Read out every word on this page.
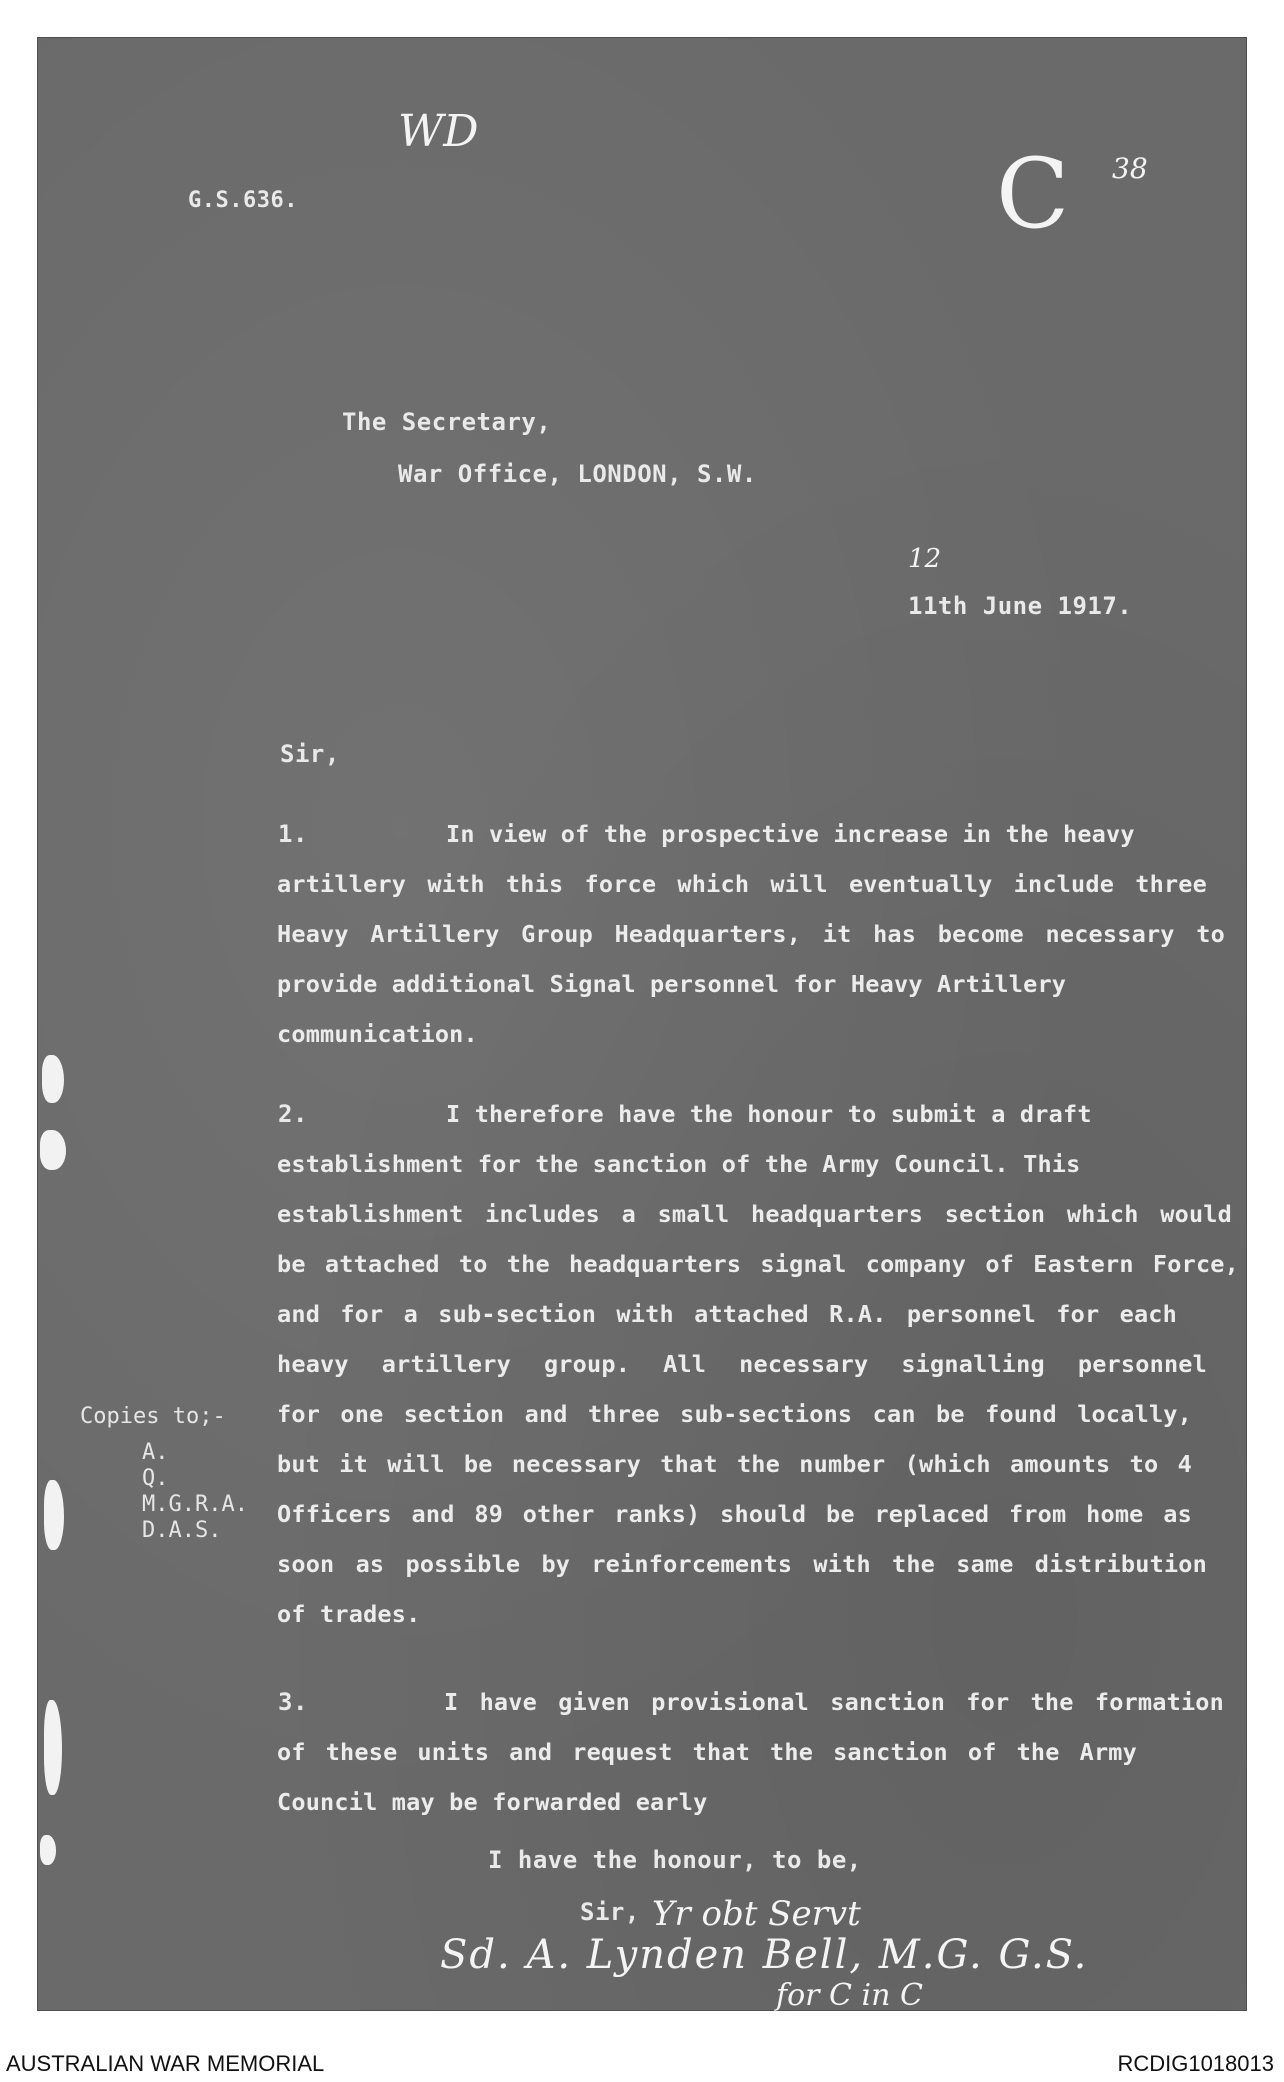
WD
C 38
G.S.636.
The Secretary,
War Office, LONDON, S.W.
12
11th June 1917.
Sir,
1.	In view of the prospective increase in the heavy
artillery with this force which will eventually include three
Heavy Artillery Group Headquarters, it has become necessary to
provide additional Signal personnel for Heavy Artillery
communication.
2.	I therefore have the honour to submit a draft
establishment for the sanction of the Army Council. This
establishment includes a small headquarters section which would
be attached to the headquarters signal company of Eastern Force,
and for a sub-section with attached R.A. personnel for each
heavy artillery group. All necessary signalling personnel
for one section and three sub-sections can be found locally,
but it will be necessary that the number (which amounts to 4
Officers and 89 other ranks) should be replaced from home as
soon as possible by reinforcements with the same distribution
of trades.
Copies to;-
A.
Q.
M.G.R.A.
D.A.S.
3.	I have given provisional sanction for the formation
of these units and request that the sanction of the Army
Council may be forwarded early
I have the honour, to be,
Sir, Yr obt Servt
Sd. A. Lynden Bell, M.G. G.S.
for C in C
AUSTRALIAN WAR MEMORIAL	RCDIG1018013
